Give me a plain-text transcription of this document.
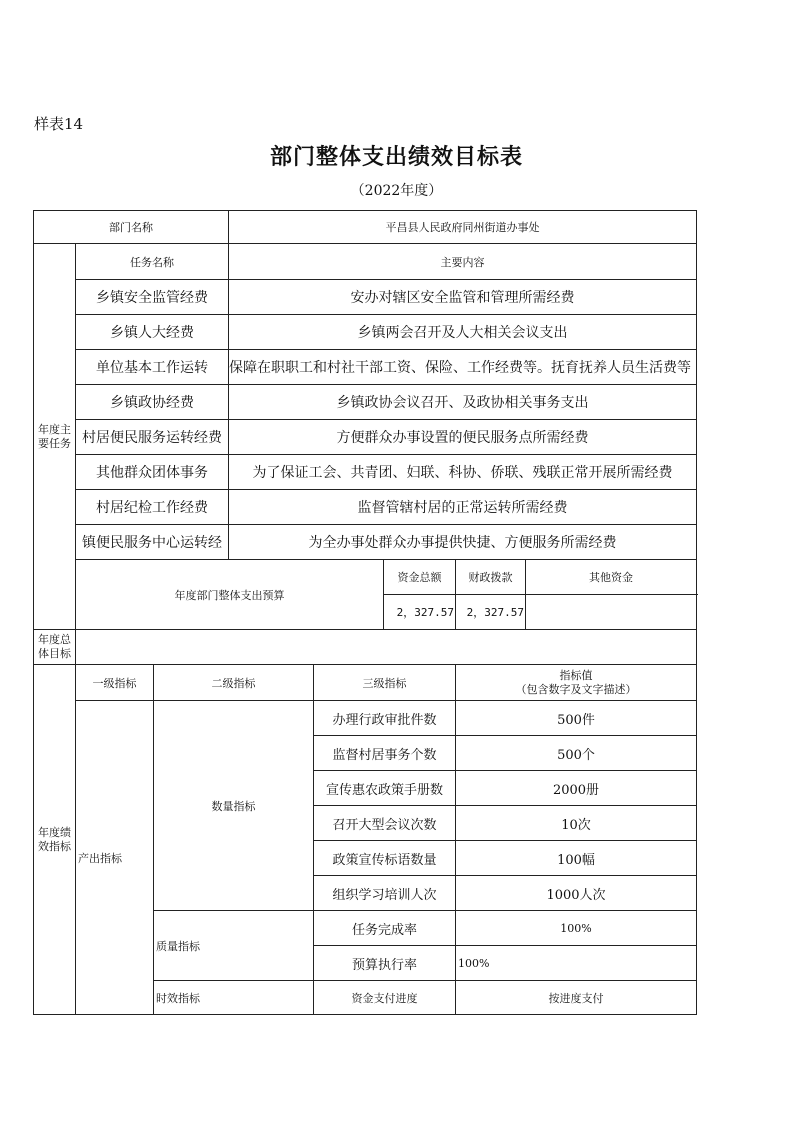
样表14
部门整体支出绩效目标表
（2022年度）
部门名称			平昌县人民政府同州街道办事处				
年度主要任务	任务名称		主要内容				
	乡镇安全监管经费		安办对辖区安全监管和管理所需经费				
	乡镇人大经费		乡镇两会召开及人大相关会议支出				
	单位基本工作运转		保障在职职工和村社干部工资、保险、工作经费等。抚育抚养人员生活费等				
	乡镇政协经费		乡镇政协会议召开、及政协相关事务支出				
	村居便民服务运转经费		方便群众办事设置的便民服务点所需经费				
	其他群众团体事务		为了保证工会、共青团、妇联、科协、侨联、残联正常开展所需经费				
	村居纪检工作经费		监督管辖村居的正常运转所需经费				
	镇便民服务中心运转经		为全办事处群众办事提供快捷、方便服务所需经费				
	年度部门整体支出预算				资金总额	财政拨款	其他资金
					2，327.57	2，327.57	
年度总体目标							
年度绩效指标	一级指标	二级指标		三级指标		指标值
（包含数字及文字描述）	
	产出指标	数量指标		办理行政审批件数		500件	
				监督村居事务个数		500个	
				宣传惠农政策手册数		2000册	
				召开大型会议次数		10次	
				政策宣传标语数量		100幅	
				组织学习培训人次		1000人次	
		质量指标		任务完成率		100%	
				预算执行率		100%	
		时效指标		资金支付进度		按进度支付	
